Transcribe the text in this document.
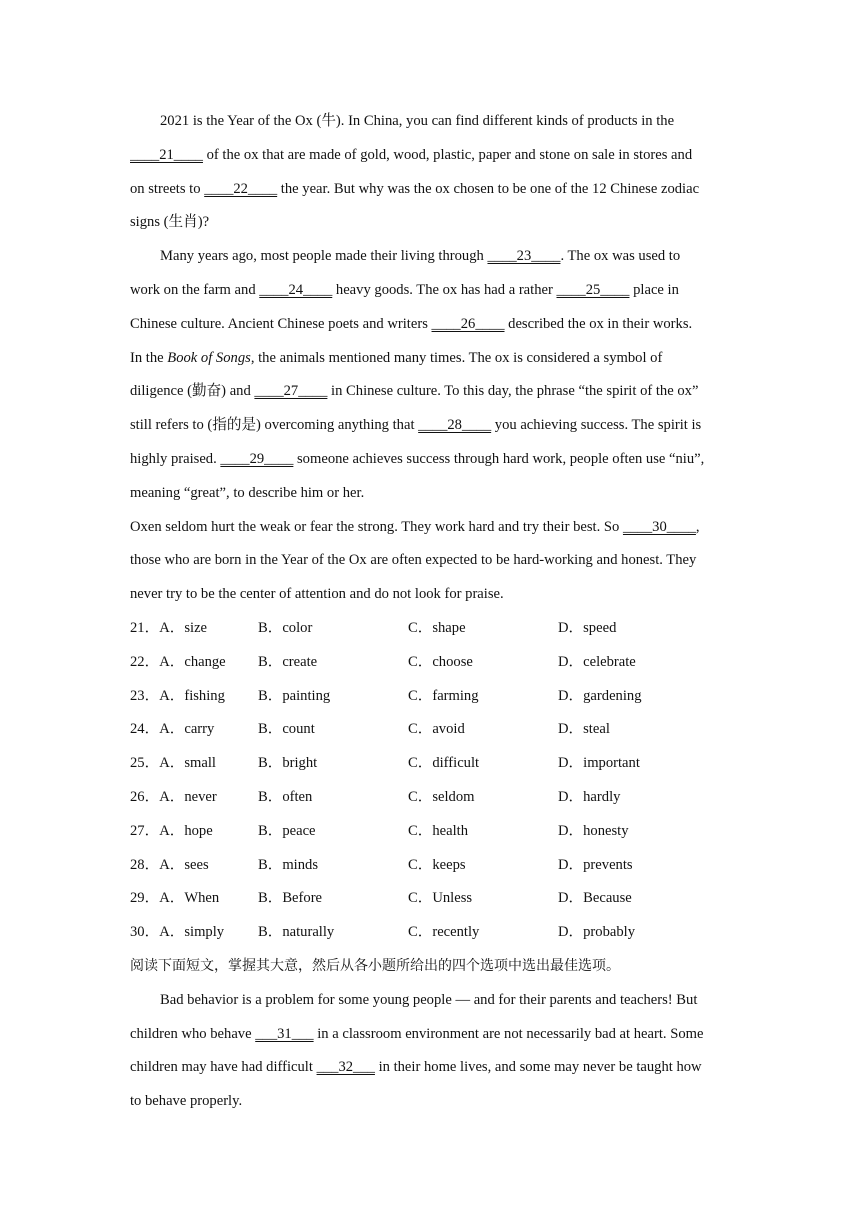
2021 is the Year of the Ox (牛). In China, you can find different kinds of products in the
____21____ of the ox that are made of gold, wood, plastic, paper and stone on sale in stores and
on streets to ____22____ the year. But why was the ox chosen to be one of the 12 Chinese zodiac
signs (生肖)?
Many years ago, most people made their living through ____23____. The ox was used to
work on the farm and ____24____ heavy goods. The ox has had a rather ____25____ place in
Chinese culture. Ancient Chinese poets and writers ____26____ described the ox in their works.
In the Book of Songs, the animals mentioned many times. The ox is considered a symbol of
diligence (勤奋) and ____27____ in Chinese culture. To this day, the phrase “the spirit of the ox”
still refers to (指的是) overcoming anything that ____28____ you achieving success. The spirit is
highly praised. ____29____ someone achieves success through hard work, people often use “niu”,
meaning “great”, to describe him or her.
Oxen seldom hurt the weak or fear the strong. They work hard and try their best. So ____30____,
those who are born in the Year of the Ox are often expected to be hard-working and honest. They
never try to be the center of attention and do not look for praise.
21．A．size	B．color	C．shape	D．speed
22．A．change	B．create	C．choose	D．celebrate
23．A．fishing	B．painting	C．farming	D．gardening
24．A．carry	B．count	C．avoid	D．steal
25．A．small	B．bright	C．difficult	D．important
26．A．never	B．often	C．seldom	D．hardly
27．A．hope	B．peace	C．health	D．honesty
28．A．sees	B．minds	C．keeps	D．prevents
29．A．When	B．Before	C．Unless	D．Because
30．A．simply	B．naturally	C．recently	D．probably
阅读下面短文，掌握其大意，然后从各小题所给出的四个选项中选出最佳选项。
Bad behavior is a problem for some young people — and for their parents and teachers! But
children who behave ___31___ in a classroom environment are not necessarily bad at heart. Some
children may have had difficult ___32___ in their home lives, and some may never be taught how
to behave properly.
